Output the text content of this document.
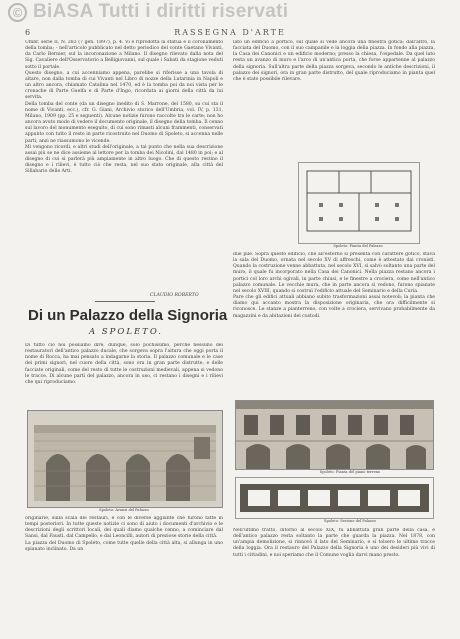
© BiASA Tutti i diritti riservati
RASSEGNA D'ARTE
6

Umbr. serie II, N. 383 (7 gen. 1897), p. 4. Vi è riprodotta la statua e il coronamento della tomba; - nell'articolo pubblicato nel detto periodico del conte Gaetano Vivanti, da Carlo Bernier, sul la incoronazione a Milano. Il disegno rilevato dalla nota del Sig. Cavaliere dell'Osservatorio a Belligiovanni, sul quale i Sabati da stagione veduti sotto il portale.

Questo disegno, a cui accenniamo appena, parebbe si riferisse a una tavola di altare, non dalla tomba di cui Vivanti nel Libro di nozze della Lutarinia in Napoli e un altro ancora, chiamato Catalina nel 1470, ed è la tomba poi da noi vista per le cronache di Parte Guelfa e di Parte d'Ingo, ricordata ai giorni della città da lui servita.

Della tomba del conte (da un disegno inedito di S. Marrone, del 1580, su cui sta il nome di Vivanti, ecc.), cfr. G. Giani, Archivio storico dell'Umbria, vol. IV, p. 131, Milano, 1909 (pp. 25 e seguenti). Alcune notizie furono raccolte tra le carte; non ho ancora avuto modo di vedere il documento originale, il disegno della tomba. Il cenno sul lavoro del monumento eseguito, di cui sono rimasti alcuni frammenti, conservati appunto con tutto il resto in parte ricostruito nel Duomo di Spoleto, si accenna nelle parti, anzi ne riassumono le vicende.

Mi vengono ricordi, e altri studi dell'originale, a tal punto che nella sua descrizione assai più se ne dice assieme al lettore per la tomba dei Nicolini, dal 1480 in poi; e al disegno di cui si parlerà più ampiamente in altro luogo. Che di questo restino il disegno e i rilievi, è tutto ciò che resta, nel suo stato originale, alla città del Sillabario delle Arti.

CLAUDIO ROBERTO
Di un Palazzo della Signoria
A SPOLETO.

Di tutto ciò noi possiamo dire, dunque, solo pochissimo, perchè nessuno dei restauratori dell'antico palazzo ducale, che sorgeva sopra l'altura che oggi porta il nome di Rocca, ha mai pensato a indagarne la storia. Il palazzo comunale e le case dei primi signori, nel cuore della città, sono ora in gran parte distrutte, e delle facciate originali, come del resto di tutte le costruzioni medievali, appena si vedono le tracce. Di alcune parti del palazzo, ancora in uso, ci restano i disegni e i rilievi che qui riproduciamo.

Spoleto: Avanzi del Palazzo

originarie, sulla scala dei restauri, e con le diverse aggiunte che furono fatte in tempi posteriori. In tutte queste notizie ci sono di aiuto i documenti d'archivio e le descrizioni degli scrittori locali, dei quali diamo qualche cenno, a cominciare dal Sansi, dal Fausti, dal Campello, e dal Leoncilli, autori di preziose storie della città.

La piazza del Duomo di Spoleto, come tutte quelle della città alta, si allunga in uno spianato inclinato. Da un

lato un edificio a portico, sul quale si vede ancora una finestra gotica; dall'altro, la facciata del Duomo, con il suo campanile e la loggia della piazza. In fondo alla piazza, la Casa dei Canonici e un edificio moderno; presso la chiesa, l'ospedale. Da quel lato resta un avanzo di muro e l'arco di un'antica porta, che forse appartenne al palazzo della signoria. Sull'altra parte della piazza sorgeva, secondo le antiche descrizioni, il palazzo dei signori, ora in gran parte distrutto, del quale riproduciamo in pianta quel che è stato possibile rilevare.

Spoleto: Pianta del Palazzo

due pile. Sopra questo edificio, che all'esterno si presenta con carattere gotico, stava la sala del Duomo, ornata nel secolo XV di affreschi, come è attestato dai cronisti. Quando la costruzione venne abbattuta, nel secolo XVI, si salvò soltanto una parte del muro, il quale fu incorporato nella Casa dei Canonici. Nella piazza restano ancora i portici col loro archi ogivali, in parte chiusi, e le finestre a crociera, come nell'antico palazzo comunale. Le vecchie mura, che in parte ancora si vedono, furono spianate nel secolo XVIII, quando si costruì l'edificio attuale del Seminario e della Curia.

Pare che gli edifici attuali abbiano subito trasformazioni assai notevoli; la pianta che diamo qui accanto mostra la disposizione originaria, che ora difficilmente si riconosce. Le stanze a pianterreno, con volte a crociera, servivano probabilmente da magazzini e da abitazioni dei custodi.

Spoleto: Pianta del piano terreno
Spoleto: Sezione del Palazzo

Nell'ultimo tratto, intorno al secolo XIX, fu abbattuta gran parte della casa, e dell'antico palazzo resta soltanto la parte che guarda la piazza. Nel 1878, con un'ampia demolizione, si rinnovò il lato del Seminario, e si tolsero le ultime tracce della loggia. Ora il restauro del Palazzo della Signoria è uno dei desideri più vivi di tutti i cittadini, e noi speriamo che il Comune voglia darvi mano presto.
